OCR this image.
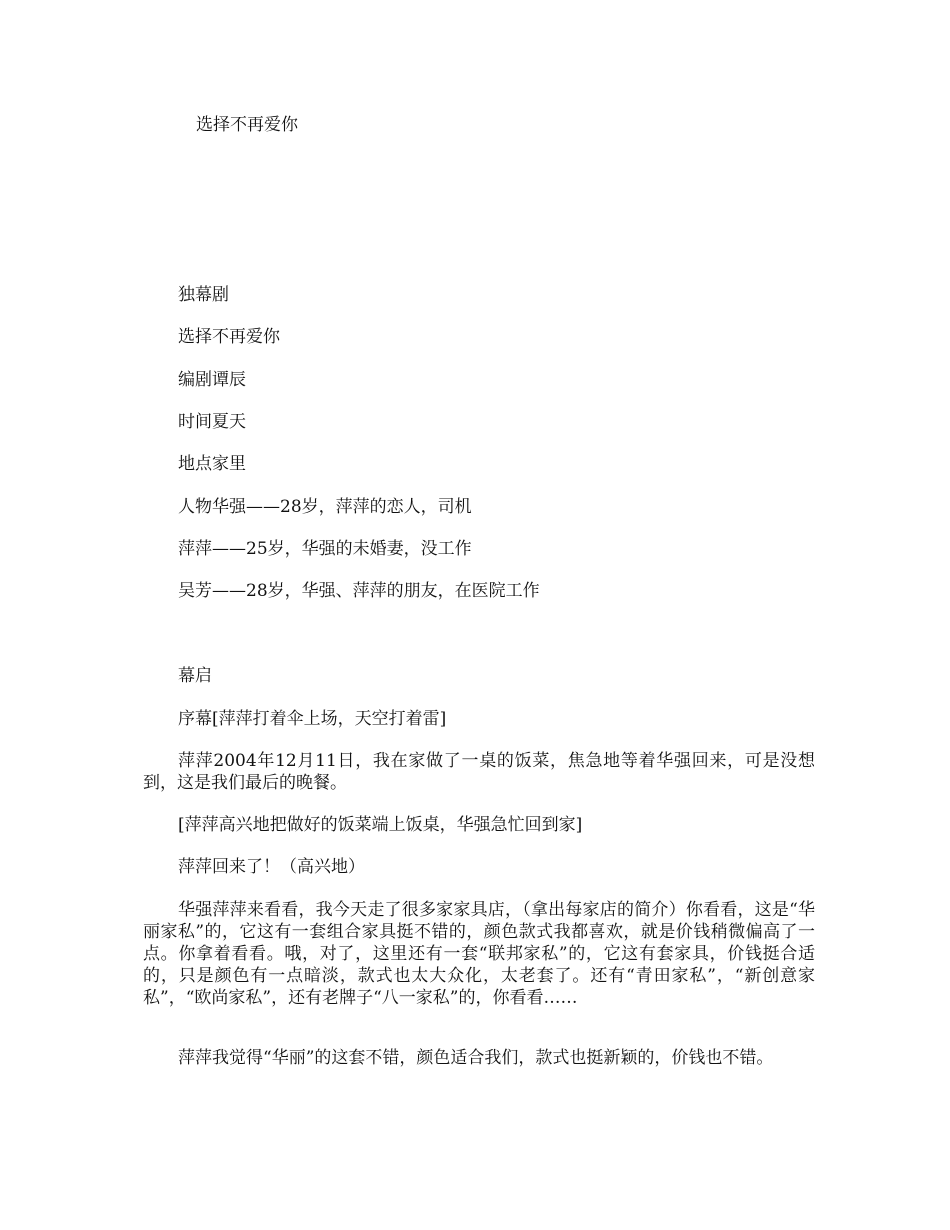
选择不再爱你

独幕剧

选择不再爱你

编剧谭辰

时间夏天

地点家里

人物华强——28岁，萍萍的恋人，司机

萍萍——25岁，华强的未婚妻，没工作

吴芳——28岁，华强、萍萍的朋友，在医院工作

幕启

序幕[萍萍打着伞上场，天空打着雷]

萍萍2004年12月11日，我在家做了一桌的饭菜，焦急地等着华强回来，可是没想到，这是我们最后的晚餐。

[萍萍高兴地把做好的饭菜端上饭桌，华强急忙回到家]

萍萍回来了！（高兴地）

华强萍萍来看看，我今天走了很多家家具店，（拿出每家店的简介）你看看，这是“华丽家私”的，它这有一套组合家具挺不错的，颜色款式我都喜欢，就是价钱稍微偏高了一点。你拿着看看。哦，对了，这里还有一套“联邦家私”的，它这有套家具，价钱挺合适的，只是颜色有一点暗淡，款式也太大众化，太老套了。还有“青田家私”，“新创意家私”，“欧尚家私”，还有老牌子“八一家私”的，你看看……

萍萍我觉得“华丽”的这套不错，颜色适合我们，款式也挺新颖的，价钱也不错。
